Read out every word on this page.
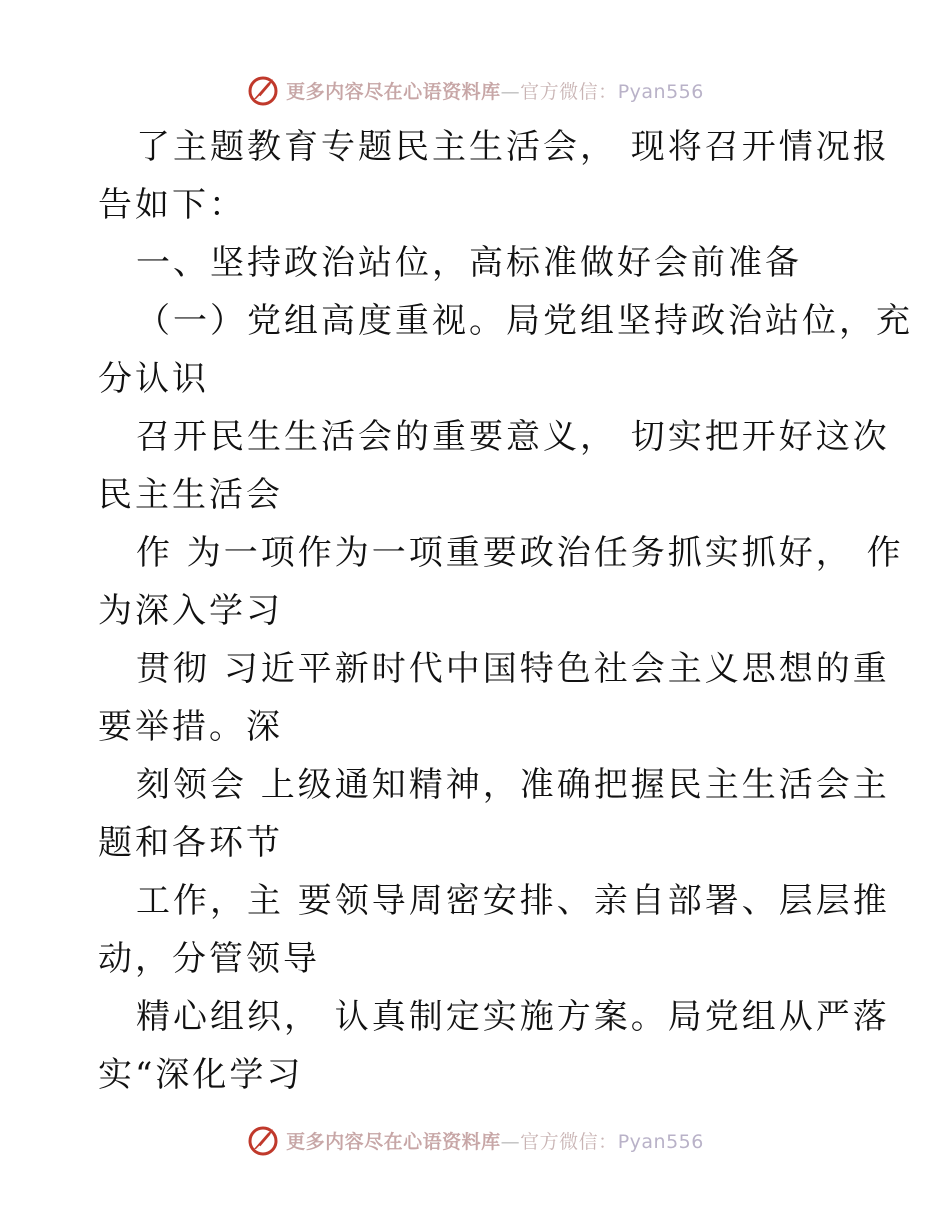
更多内容尽在心语资料库—官方微信：Pyan556
了主题教育专题民主生活会， 现将召开情况报
告如下：
一、坚持政治站位，高标准做好会前准备
（一）党组高度重视。局党组坚持政治站位，充
分认识
召开民生生活会的重要意义， 切实把开好这次
民主生活会
作 为一项作为一项重要政治任务抓实抓好， 作
为深入学习
贯彻 习近平新时代中国特色社会主义思想的重
要举措。深
刻领会 上级通知精神，准确把握民主生活会主
题和各环节
工作，主 要领导周密安排、亲自部署、层层推
动，分管领导
精心组织， 认真制定实施方案。局党组从严落
实“深化学习
更多内容尽在心语资料库—官方微信：Pyan556
